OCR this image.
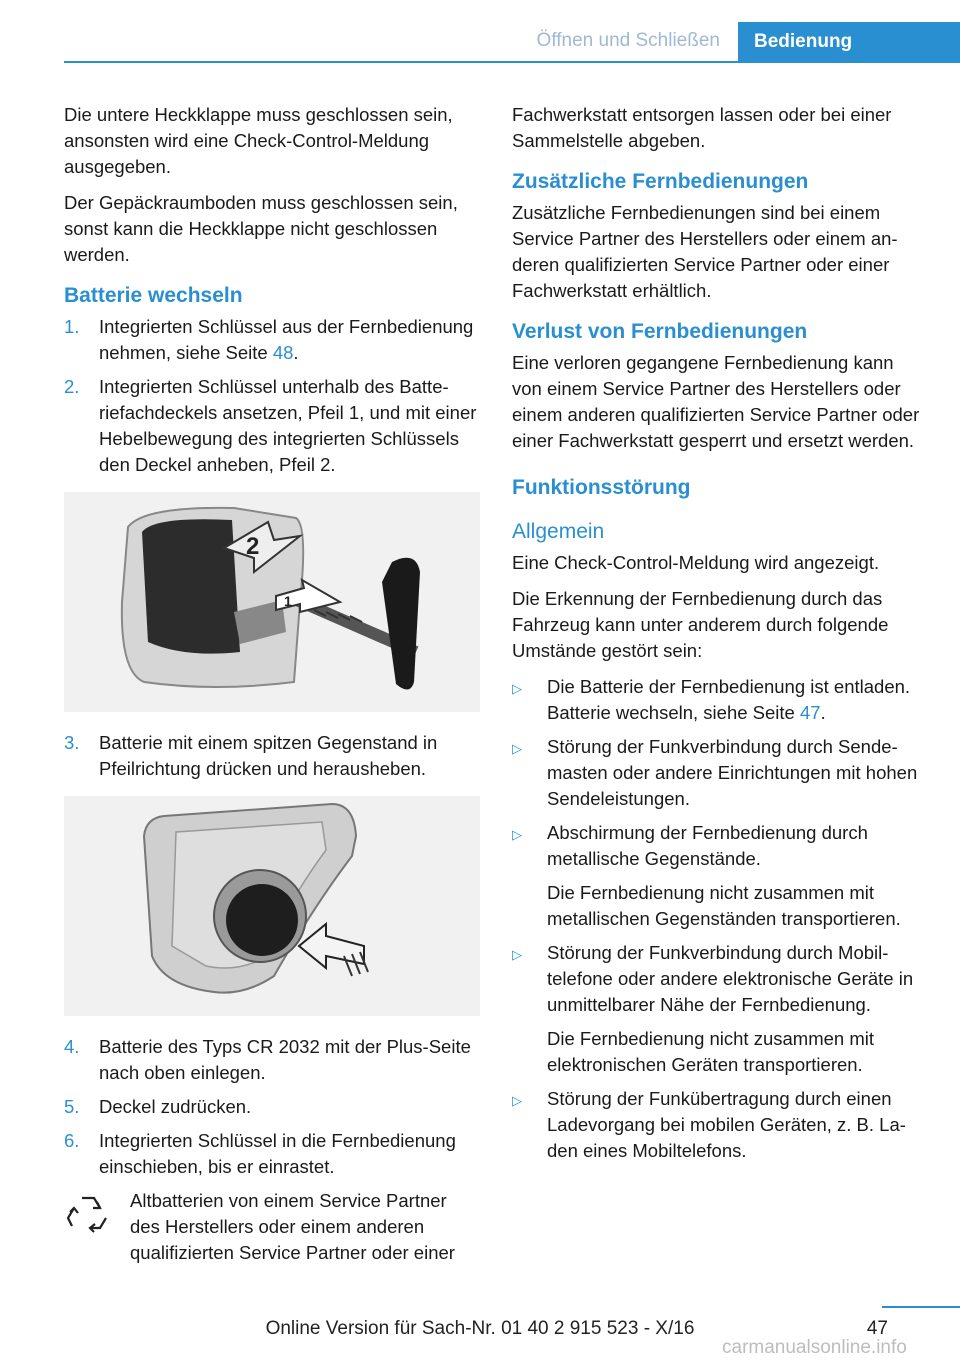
Öffnen und Schließen	Bedienung

Die untere Heckklappe muss geschlossen sein, ansonsten wird eine Check-Control-Meldung ausgegeben.

Der Gepäckraumboden muss geschlossen sein, sonst kann die Heckklappe nicht geschlossen werden.

Batterie wechseln
1.	Integrierten Schlüssel aus der Fernbedienung nehmen, siehe Seite 48.
2.	Integrierten Schlüssel unterhalb des Batteriefachdeckels ansetzen, Pfeil 1, und mit einer Hebelbewegung des integrierten Schlüssels den Deckel anheben, Pfeil 2.
2
1
3.	Batterie mit einem spitzen Gegenstand in Pfeilrichtung drücken und herausheben.
4.	Batterie des Typs CR 2032 mit der Plus-Seite nach oben einlegen.
5.	Deckel zudrücken.
6.	Integrierten Schlüssel in die Fernbedienung einschieben, bis er einrastet.
Altbatterien von einem Service Partner des Herstellers oder einem anderen qualifizierten Service Partner oder einer

Fachwerkstatt entsorgen lassen oder bei einer Sammelstelle abgeben.

Zusätzliche Fernbedienungen

Zusätzliche Fernbedienungen sind bei einem Service Partner des Herstellers oder einem anderen qualifizierten Service Partner oder einer Fachwerkstatt erhältlich.

Verlust von Fernbedienungen

Eine verloren gegangene Fernbedienung kann von einem Service Partner des Herstellers oder einem anderen qualifizierten Service Partner oder einer Fachwerkstatt gesperrt und ersetzt werden.

Funktionsstörung
Allgemein

Eine Check-Control-Meldung wird angezeigt.

Die Erkennung der Fernbedienung durch das Fahrzeug kann unter anderem durch folgende Umstände gestört sein:

▷	Die Batterie der Fernbedienung ist entladen. Batterie wechseln, siehe Seite 47.
▷	Störung der Funkverbindung durch Sendemasten oder andere Einrichtungen mit hohen Sendeleistungen.
▷	Abschirmung der Fernbedienung durch metallische Gegenstände.
Die Fernbedienung nicht zusammen mit metallischen Gegenständen transportieren.
▷	Störung der Funkverbindung durch Mobiltelefone oder andere elektronische Geräte in unmittelbarer Nähe der Fernbedienung.
Die Fernbedienung nicht zusammen mit elektronischen Geräten transportieren.
▷	Störung der Funkübertragung durch einen Ladevorgang bei mobilen Geräten, z. B. Laden eines Mobiltelefons.
47
Online Version für Sach-Nr. 01 40 2 915 523 - X/16
carmanualsonline.info
